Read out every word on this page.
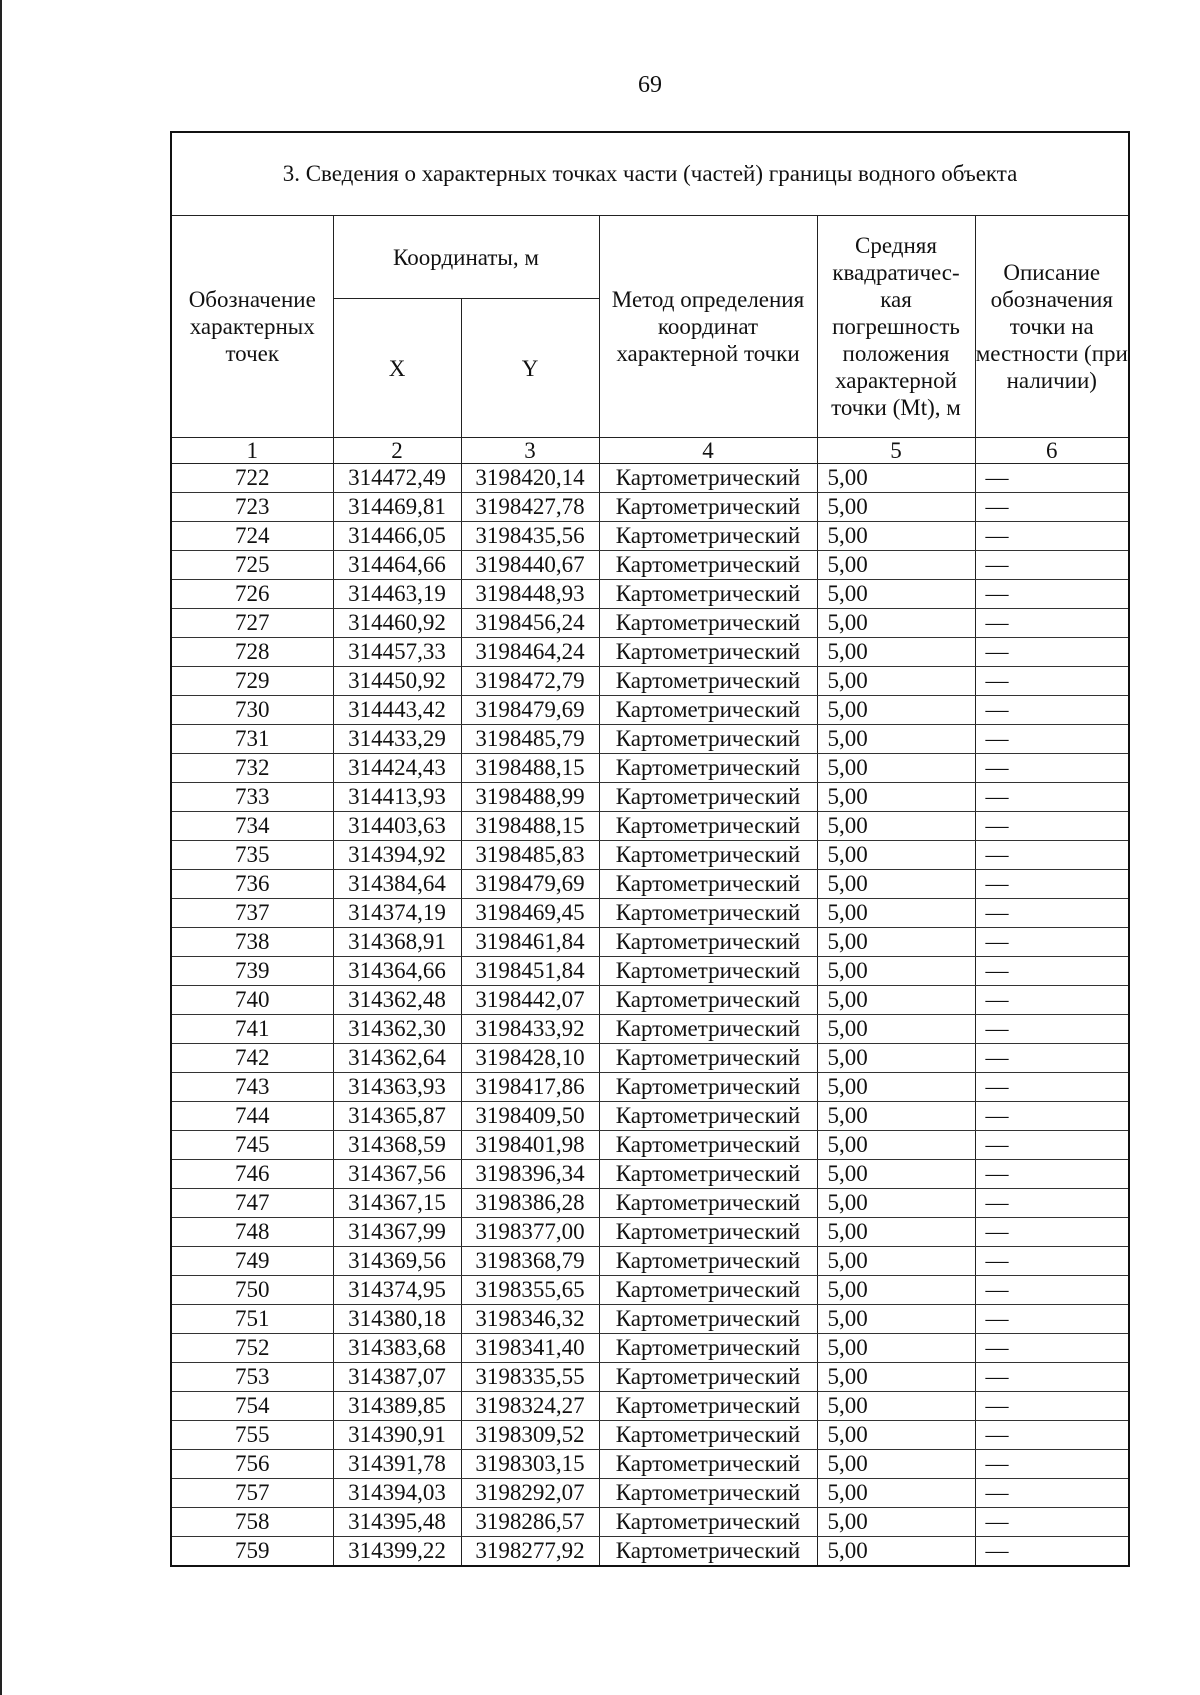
69
3. Сведения о характерных точках части (частей) границы водного объекта					
Обозначение характерных точек	Координаты, м		Метод определения координат характерной точки	Средняя квадратичес-кая погрешность положения характерной точки (Mt), м	Описание обозначения точки на местности (при наличии)
	X	Y			
1	2	3	4	5	6
722	314472,49	3198420,14	Картометрический	5,00	—
723	314469,81	3198427,78	Картометрический	5,00	—
724	314466,05	3198435,56	Картометрический	5,00	—
725	314464,66	3198440,67	Картометрический	5,00	—
726	314463,19	3198448,93	Картометрический	5,00	—
727	314460,92	3198456,24	Картометрический	5,00	—
728	314457,33	3198464,24	Картометрический	5,00	—
729	314450,92	3198472,79	Картометрический	5,00	—
730	314443,42	3198479,69	Картометрический	5,00	—
731	314433,29	3198485,79	Картометрический	5,00	—
732	314424,43	3198488,15	Картометрический	5,00	—
733	314413,93	3198488,99	Картометрический	5,00	—
734	314403,63	3198488,15	Картометрический	5,00	—
735	314394,92	3198485,83	Картометрический	5,00	—
736	314384,64	3198479,69	Картометрический	5,00	—
737	314374,19	3198469,45	Картометрический	5,00	—
738	314368,91	3198461,84	Картометрический	5,00	—
739	314364,66	3198451,84	Картометрический	5,00	—
740	314362,48	3198442,07	Картометрический	5,00	—
741	314362,30	3198433,92	Картометрический	5,00	—
742	314362,64	3198428,10	Картометрический	5,00	—
743	314363,93	3198417,86	Картометрический	5,00	—
744	314365,87	3198409,50	Картометрический	5,00	—
745	314368,59	3198401,98	Картометрический	5,00	—
746	314367,56	3198396,34	Картометрический	5,00	—
747	314367,15	3198386,28	Картометрический	5,00	—
748	314367,99	3198377,00	Картометрический	5,00	—
749	314369,56	3198368,79	Картометрический	5,00	—
750	314374,95	3198355,65	Картометрический	5,00	—
751	314380,18	3198346,32	Картометрический	5,00	—
752	314383,68	3198341,40	Картометрический	5,00	—
753	314387,07	3198335,55	Картометрический	5,00	—
754	314389,85	3198324,27	Картометрический	5,00	—
755	314390,91	3198309,52	Картометрический	5,00	—
756	314391,78	3198303,15	Картометрический	5,00	—
757	314394,03	3198292,07	Картометрический	5,00	—
758	314395,48	3198286,57	Картометрический	5,00	—
759	314399,22	3198277,92	Картометрический	5,00	—
